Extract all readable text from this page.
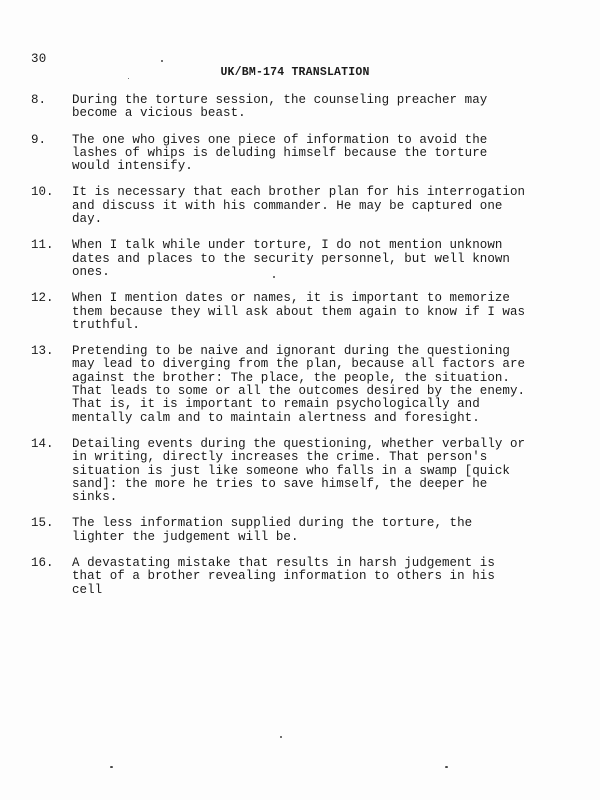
30
UK/BM-174 TRANSLATION
8.	During the torture session, the counseling preacher may
become a vicious beast.
9.	The one who gives one piece of information to avoid the
lashes of whips is deluding himself because the torture
would intensify.
10.	It is necessary that each brother plan for his interrogation
and discuss it with his commander. He may be captured one
day.
11.	When I talk while under torture, I do not mention unknown
dates and places to the security personnel, but well known
ones.
12.	When I mention dates or names, it is important to memorize
them because they will ask about them again to know if I was
truthful.
13.	Pretending to be naive and ignorant during the questioning
may lead to diverging from the plan, because all factors are
against the brother: The place, the people, the situation.
That leads to some or all the outcomes desired by the enemy.
That is, it is important to remain psychologically and
mentally calm and to maintain alertness and foresight.
14.	Detailing events during the questioning, whether verbally or
in writing, directly increases the crime. That person's
situation is just like someone who falls in a swamp [quick
sand]: the more he tries to save himself, the deeper he
sinks.
15.	The less information supplied during the torture, the
lighter the judgement will be.
16.	A devastating mistake that results in harsh judgement is
that of a brother revealing information to others in his
cell
